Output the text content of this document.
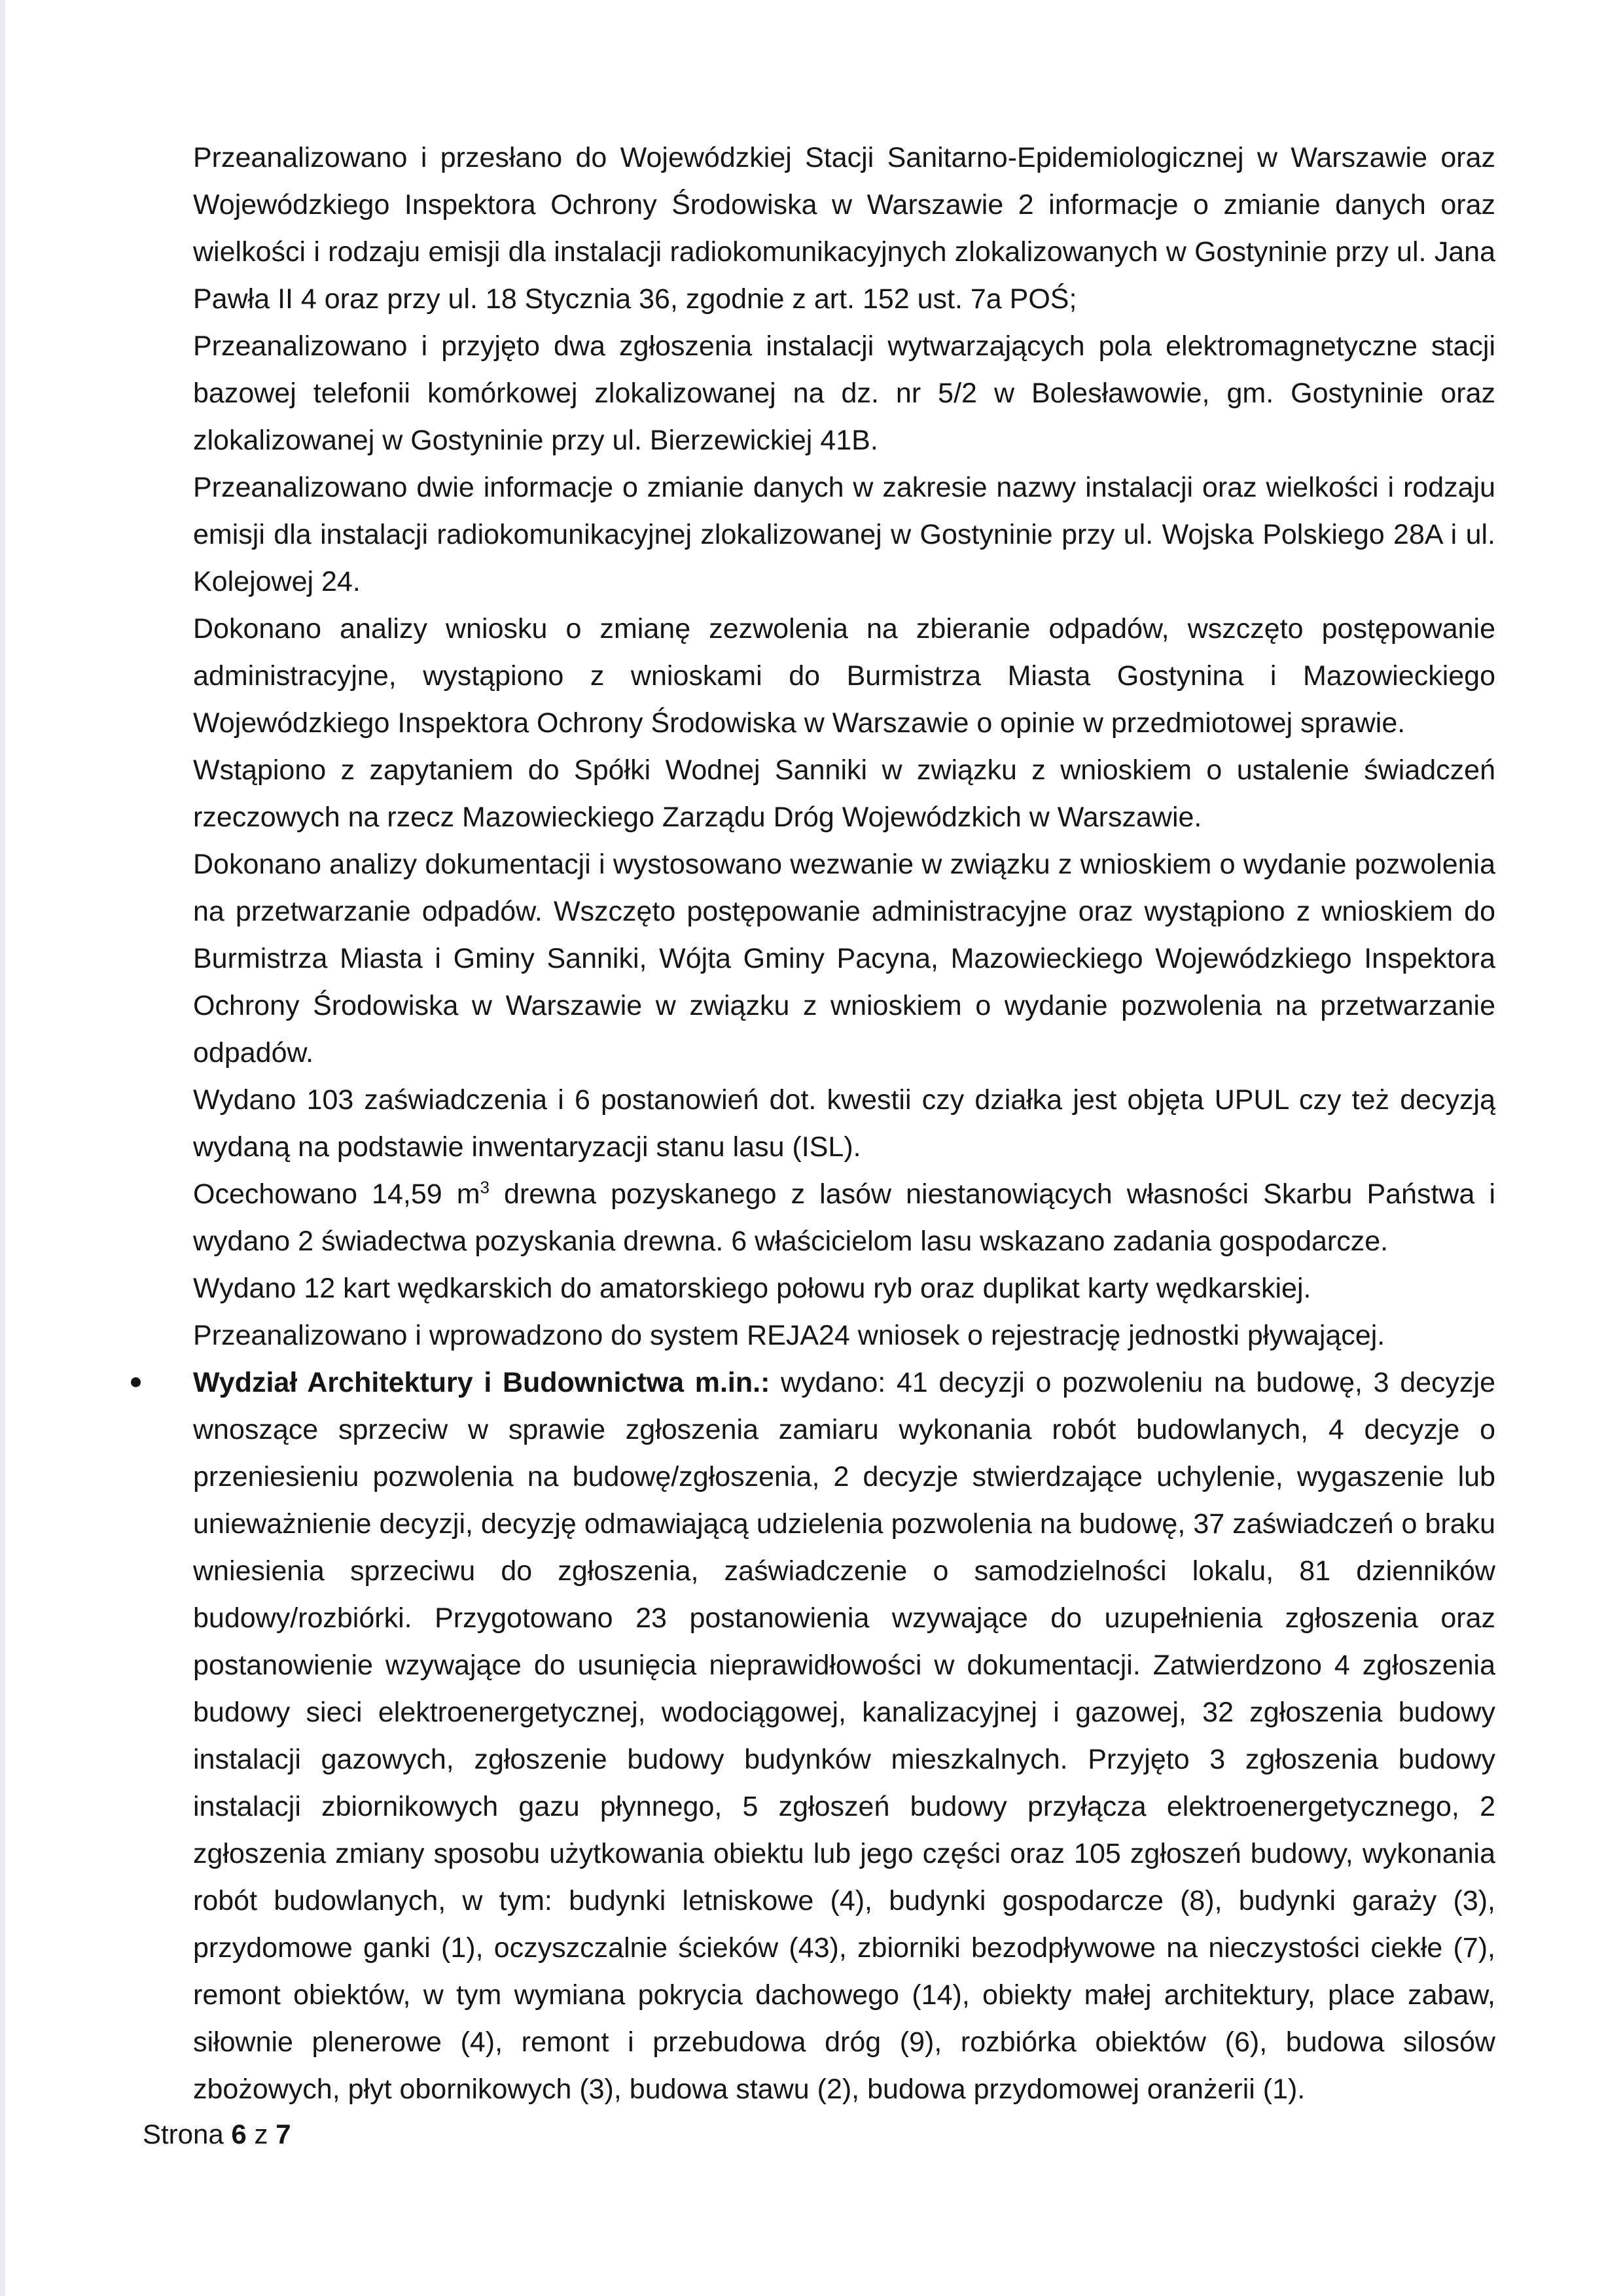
Przeanalizowano i przesłano do Wojewódzkiej Stacji Sanitarno-Epidemiologicznej w Warszawie oraz Wojewódzkiego Inspektora Ochrony Środowiska w Warszawie 2 informacje o zmianie danych oraz wielkości i rodzaju emisji dla instalacji radiokomunikacyjnych zlokalizowanych w Gostyninie przy ul. Jana Pawła II 4 oraz przy ul. 18 Stycznia 36, zgodnie z art. 152 ust. 7a POŚ;

Przeanalizowano i przyjęto dwa zgłoszenia instalacji wytwarzających pola elektromagnetyczne stacji bazowej telefonii komórkowej zlokalizowanej na dz. nr 5/2 w Bolesławowie, gm. Gostyninie oraz zlokalizowanej w Gostyninie przy ul. Bierzewickiej 41B.

Przeanalizowano dwie informacje o zmianie danych w zakresie nazwy instalacji oraz wielkości i rodzaju emisji dla instalacji radiokomunikacyjnej zlokalizowanej w Gostyninie przy ul. Wojska Polskiego 28A i ul. Kolejowej 24.

Dokonano analizy wniosku o zmianę zezwolenia na zbieranie odpadów, wszczęto postępowanie administracyjne, wystąpiono z wnioskami do Burmistrza Miasta Gostynina i Mazowieckiego Wojewódzkiego Inspektora Ochrony Środowiska w Warszawie o opinie w przedmiotowej sprawie.

Wstąpiono z zapytaniem do Spółki Wodnej Sanniki w związku z wnioskiem o ustalenie świadczeń rzeczowych na rzecz Mazowieckiego Zarządu Dróg Wojewódzkich w Warszawie.

Dokonano analizy dokumentacji i wystosowano wezwanie w związku z wnioskiem o wydanie pozwolenia na przetwarzanie odpadów. Wszczęto postępowanie administracyjne oraz wystąpiono z wnioskiem do Burmistrza Miasta i Gminy Sanniki, Wójta Gminy Pacyna, Mazowieckiego Wojewódzkiego Inspektora Ochrony Środowiska w Warszawie w związku z wnioskiem o wydanie pozwolenia na przetwarzanie odpadów.

Wydano 103 zaświadczenia i 6 postanowień dot. kwestii czy działka jest objęta UPUL czy też decyzją wydaną na podstawie inwentaryzacji stanu lasu (ISL).

Ocechowano 14,59 $m^3$ drewna pozyskanego z lasów niestanowiących własności Skarbu Państwa i wydano 2 świadectwa pozyskania drewna. 6 właścicielom lasu wskazano zadania gospodarcze.

Wydano 12 kart wędkarskich do amatorskiego połowu ryb oraz duplikat karty wędkarskiej.

Przeanalizowano i wprowadzono do system REJA24 wniosek o rejestrację jednostki pływającej.

Wydział Architektury i Budownictwa m.in.: wydano: 41 decyzji o pozwoleniu na budowę, 3 decyzje wnoszące sprzeciw w sprawie zgłoszenia zamiaru wykonania robót budowlanych, 4 decyzje o przeniesieniu pozwolenia na budowę/zgłoszenia, 2 decyzje stwierdzające uchylenie, wygaszenie lub unieważnienie decyzji, decyzję odmawiającą udzielenia pozwolenia na budowę, 37 zaświadczeń o braku wniesienia sprzeciwu do zgłoszenia, zaświadczenie o samodzielności lokalu, 81 dzienników budowy/rozbiórki. Przygotowano 23 postanowienia wzywające do uzupełnienia zgłoszenia oraz postanowienie wzywające do usunięcia nieprawidłowości w dokumentacji. Zatwierdzono 4 zgłoszenia budowy sieci elektroenergetycznej, wodociągowej, kanalizacyjnej i gazowej, 32 zgłoszenia budowy instalacji gazowych, zgłoszenie budowy budynków mieszkalnych. Przyjęto 3 zgłoszenia budowy instalacji zbiornikowych gazu płynnego, 5 zgłoszeń budowy przyłącza elektroenergetycznego, 2 zgłoszenia zmiany sposobu użytkowania obiektu lub jego części oraz 105 zgłoszeń budowy, wykonania robót budowlanych, w tym: budynki letniskowe (4), budynki gospodarcze (8), budynki garaży (3), przydomowe ganki (1), oczyszczalnie ścieków (43), zbiorniki bezodpływowe na nieczystości ciekłe (7), remont obiektów, w tym wymiana pokrycia dachowego (14), obiekty małej architektury, place zabaw, siłownie plenerowe (4), remont i przebudowa dróg (9), rozbiórka obiektów (6), budowa silosów zbożowych, płyt obornikowych (3), budowa stawu (2), budowa przydomowej oranżerii (1).

Strona 6 z 7
